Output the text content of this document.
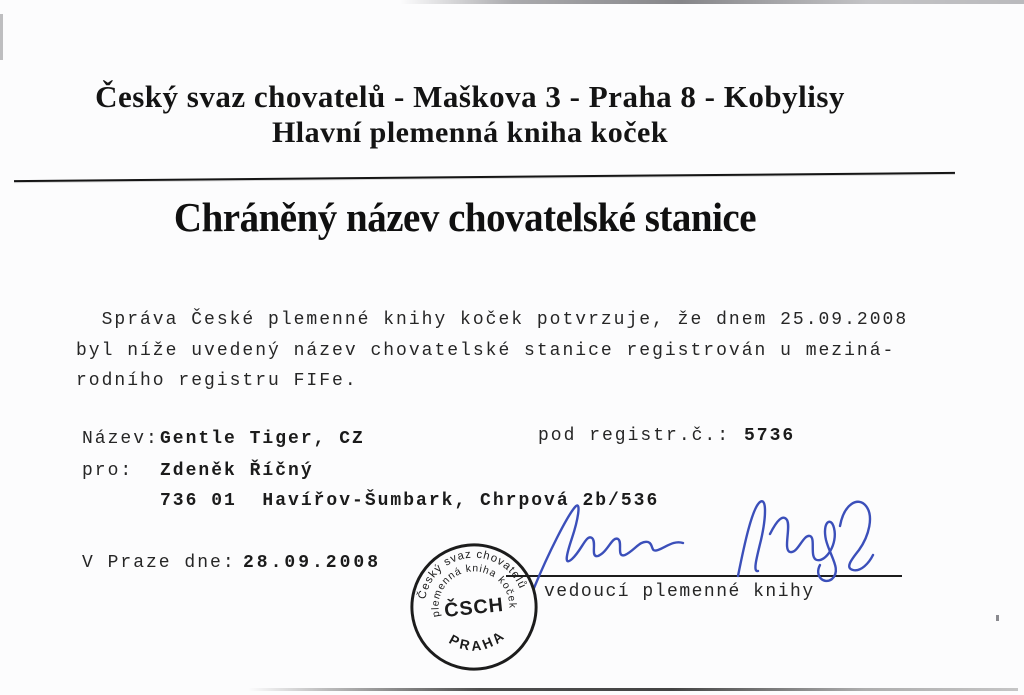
Český svaz chovatelů - Maškova 3 - Praha 8 - Kobylisy
Hlavní plemenná kniha koček
Chráněný název chovatelské stanice
Správa České plemenné knihy koček potvrzuje, že dnem 25.09.2008
byl níže uvedený název chovatelské stanice registrován u meziná-
rodního registru FIFe.
Název: Gentle Tiger, CZ	pod registr.č.: 5736
pro: Zdeněk Říčný
736 01  Havířov-Šumbark, Chrpová 2b/536
V Praze dne: 28.09.2008
Český svaz chovatelů
plemenná kniha koček
ČSCH
PRAHA
vedoucí plemenné knihy
